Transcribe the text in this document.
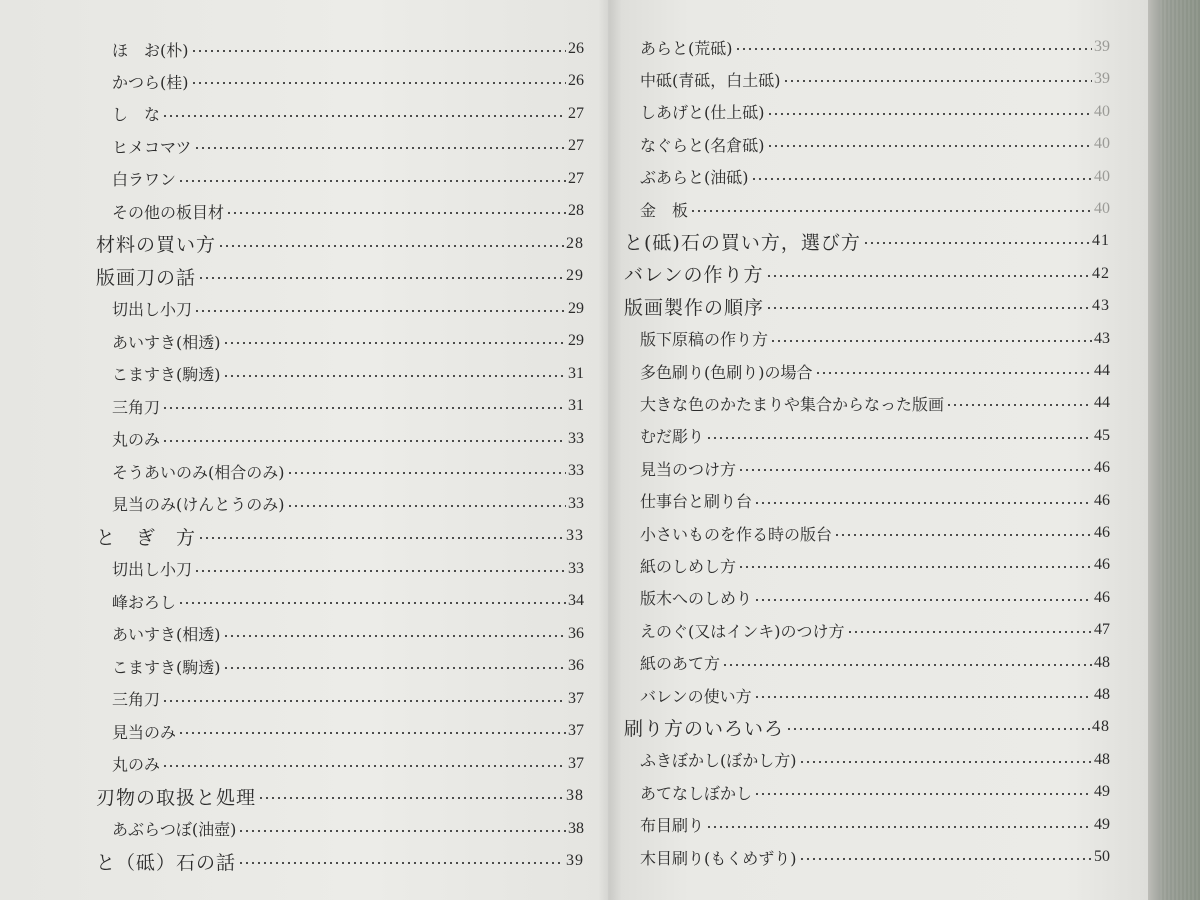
ほ　お(朴)	26
かつら(桂)	26
し　な	27
ヒメコマツ	27
白ラワン	27
その他の板目材	28
材料の買い方	28
版画刀の話	29
切出し小刀	29
あいすき(相透)	29
こますき(駒透)	31
三角刀	31
丸のみ	33
そうあいのみ(相合のみ)	33
見当のみ(けんとうのみ)	33
と　ぎ　方	33
切出し小刀	33
峰おろし	34
あいすき(相透)	36
こますき(駒透)	36
三角刀	37
見当のみ	37
丸のみ	37
刃物の取扱と処理	38
あぶらつぼ(油壺)	38
と（砥）石の話	39
あらと(荒砥)	39
中砥(青砥，白土砥)	39
しあげと(仕上砥)	40
なぐらと(名倉砥)	40
ぶあらと(油砥)	40
金　板	40
と(砥)石の買い方，選び方	41
バレンの作り方	42
版画製作の順序	43
版下原稿の作り方	43
多色刷り(色刷り)の場合	44
大きな色のかたまりや集合からなった版画	44
むだ彫り	45
見当のつけ方	46
仕事台と刷り台	46
小さいものを作る時の版台	46
紙のしめし方	46
版木へのしめり	46
えのぐ(又はインキ)のつけ方	47
紙のあて方	48
バレンの使い方	48
刷り方のいろいろ	48
ふきぼかし(ぼかし方)	48
あてなしぼかし	49
布目刷り	49
木目刷り(もくめずり)	50
